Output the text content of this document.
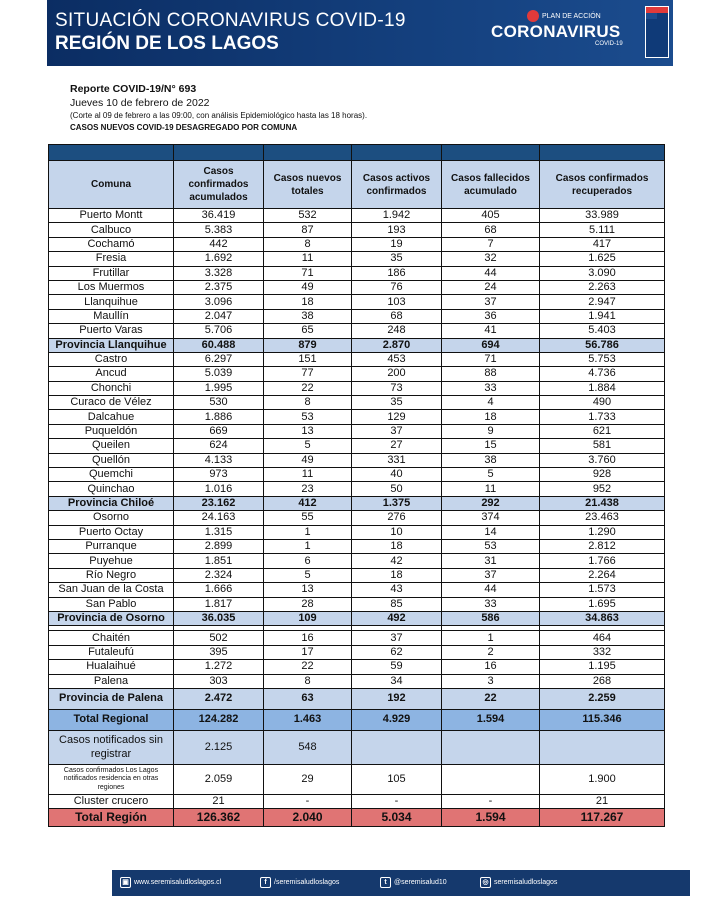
SITUACIÓN CORONAVIRUS COVID-19
REGIÓN DE LOS LAGOS
PLAN DE ACCIÓN
CORONAVIRUS
COVID-19
Reporte COVID-19/N° 693
Jueves 10 de febrero de 2022
(Corte al 09 de febrero a las 09:00, con análisis Epidemiológico hasta las 18 horas).
CASOS NUEVOS COVID-19 DESAGREGADO POR COMUNA

Comuna	Casos confirmados acumulados	Casos nuevos totales	Casos activos confirmados	Casos fallecidos acumulado	Casos confirmados recuperados
Puerto Montt	36.419	532	1.942	405	33.989
Calbuco	5.383	87	193	68	5.111
Cochamó	442	8	19	7	417
Fresia	1.692	11	35	32	1.625
Frutillar	3.328	71	186	44	3.090
Los Muermos	2.375	49	76	24	2.263
Llanquihue	3.096	18	103	37	2.947
Maullín	2.047	38	68	36	1.941
Puerto Varas	5.706	65	248	41	5.403
Provincia Llanquihue	60.488	879	2.870	694	56.786
Castro	6.297	151	453	71	5.753
Ancud	5.039	77	200	88	4.736
Chonchi	1.995	22	73	33	1.884
Curaco de Vélez	530	8	35	4	490
Dalcahue	1.886	53	129	18	1.733
Puqueldón	669	13	37	9	621
Queilen	624	5	27	15	581
Quellón	4.133	49	331	38	3.760
Quemchi	973	11	40	5	928
Quinchao	1.016	23	50	11	952
Provincia Chiloé	23.162	412	1.375	292	21.438
Osorno	24.163	55	276	374	23.463
Puerto Octay	1.315	1	10	14	1.290
Purranque	2.899	1	18	53	2.812
Puyehue	1.851	6	42	31	1.766
Río Negro	2.324	5	18	37	2.264
San Juan de la Costa	1.666	13	43	44	1.573
San Pablo	1.817	28	85	33	1.695
Provincia de Osorno	36.035	109	492	586	34.863

Chaitén	502	16	37	1	464
Futaleufú	395	17	62	2	332
Hualaihué	1.272	22	59	16	1.195
Palena	303	8	34	3	268
Provincia de Palena	2.472	63	192	22	2.259
Total Regional	124.282	1.463	4.929	1.594	115.346
Casos notificados sin registrar	2.125	548			
Casos confirmados Los Lagos notificados residencia en otras regiones	2.059	29	105		1.900
Cluster crucero	21	-	-	-	21
Total Región	126.362	2.040	5.034	1.594	117.267
▣ www.seremisaludloslagos.cl	f	/seremisaludloslagos	t	@seremisalud10	◎ seremisaludloslagos
